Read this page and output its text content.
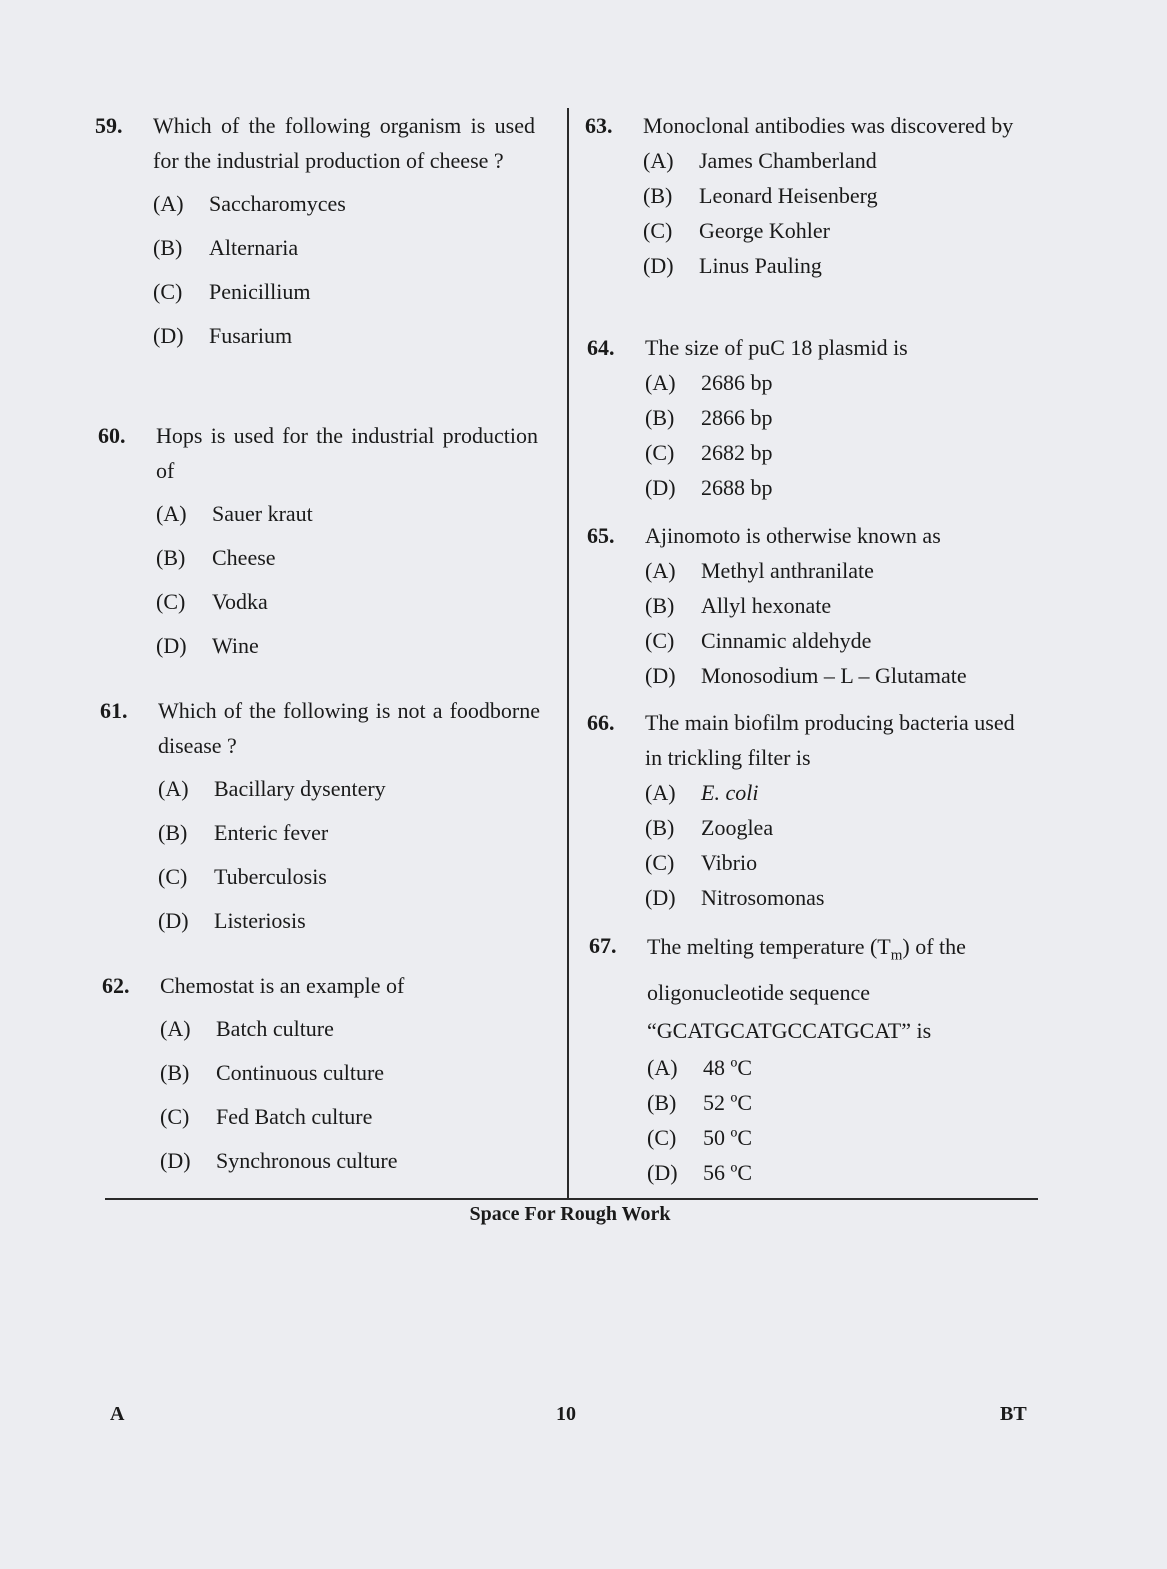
59. Which of the following organism is used for the industrial production of cheese ?
(A)	Saccharomyces
(B)	Alternaria
(C)	Penicillium
(D)	Fusarium
60. Hops is used for the industrial production of
(A)	Sauer kraut
(B)	Cheese
(C)	Vodka
(D)	Wine
61. Which of the following is not a foodborne disease ?
(A)	Bacillary dysentery
(B)	Enteric fever
(C)	Tuberculosis
(D)	Listeriosis
62. Chemostat is an example of
(A)	Batch culture
(B)	Continuous culture
(C)	Fed Batch culture
(D)	Synchronous culture
63. Monoclonal antibodies was discovered by
(A)	James Chamberland
(B)	Leonard Heisenberg
(C)	George Kohler
(D)	Linus Pauling
64. The size of puC 18 plasmid is
(A)	2686 bp
(B)	2866 bp
(C)	2682 bp
(D)	2688 bp
65. Ajinomoto is otherwise known as
(A)	Methyl anthranilate
(B)	Allyl hexonate
(C)	Cinnamic aldehyde
(D)	Monosodium – L – Glutamate
66. The main biofilm producing bacteria used in trickling filter is
(A)	E. coli
(B)	Zooglea
(C)	Vibrio
(D)	Nitrosomonas
67. The melting temperature $(T_m)$ of the oligonucleotide sequence “GCATGCATGCCATGCAT” is
(A)	48 ºC
(B)	52 ºC
(C)	50 ºC
(D)	56 ºC
Space For Rough Work
A	10	BT
